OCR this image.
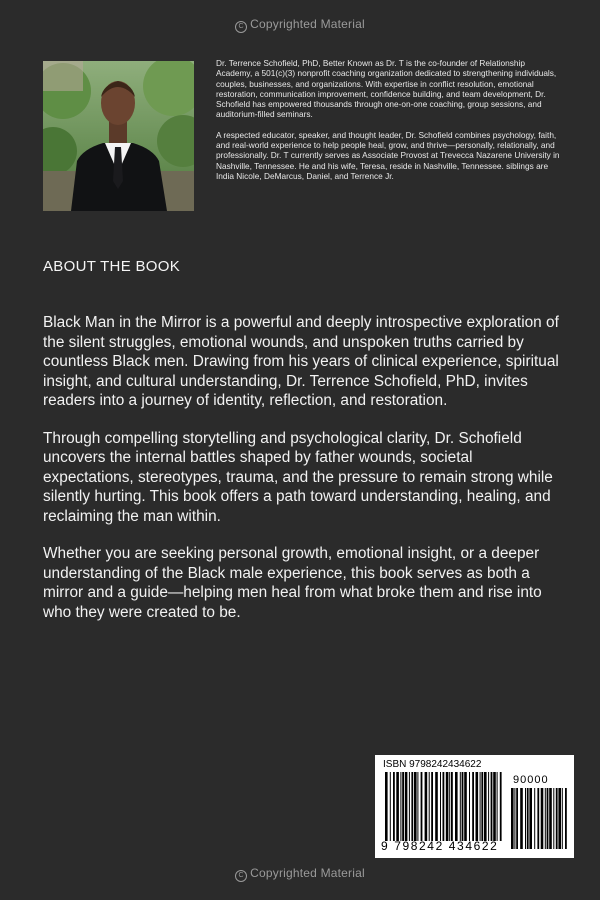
C Copyrighted Material

Dr. Terrence Schofield, PhD, Better Known as Dr. T is the co-founder of Relationship Academy, a 501(c)(3) nonprofit coaching organization dedicated to strengthening individuals, couples, businesses, and organizations. With expertise in conflict resolution, emotional restoration, communication improvement, confidence building, and team development, Dr. Schofield has empowered thousands through one-on-one coaching, group sessions, and auditorium-filled seminars.

A respected educator, speaker, and thought leader, Dr. Schofield combines psychology, faith, and real-world experience to help people heal, grow, and thrive—personally, relationally, and professionally. Dr. T currently serves as Associate Provost at Trevecca Nazarene University in Nashville, Tennessee. He and his wife, Teresa, reside in Nashville, Tennessee. siblings are India Nicole, DeMarcus, Daniel, and Terrence Jr.

ABOUT THE BOOK

Black Man in the Mirror is a powerful and deeply introspective exploration of the silent struggles, emotional wounds, and unspoken truths carried by countless Black men. Drawing from his years of clinical experience, spiritual insight, and cultural understanding, Dr. Terrence Schofield, PhD, invites readers into a journey of identity, reflection, and restoration.

Through compelling storytelling and psychological clarity, Dr. Schofield uncovers the internal battles shaped by father wounds, societal expectations, stereotypes, trauma, and the pressure to remain strong while silently hurting. This book offers a path toward understanding, healing, and reclaiming the man within.

Whether you are seeking personal growth, emotional insight, or a deeper understanding of the Black male experience, this book serves as both a mirror and a guide—helping men heal from what broke them and rise into who they were created to be.

ISBN 9798242434622
90000
9 798242 434622
C Copyrighted Material
